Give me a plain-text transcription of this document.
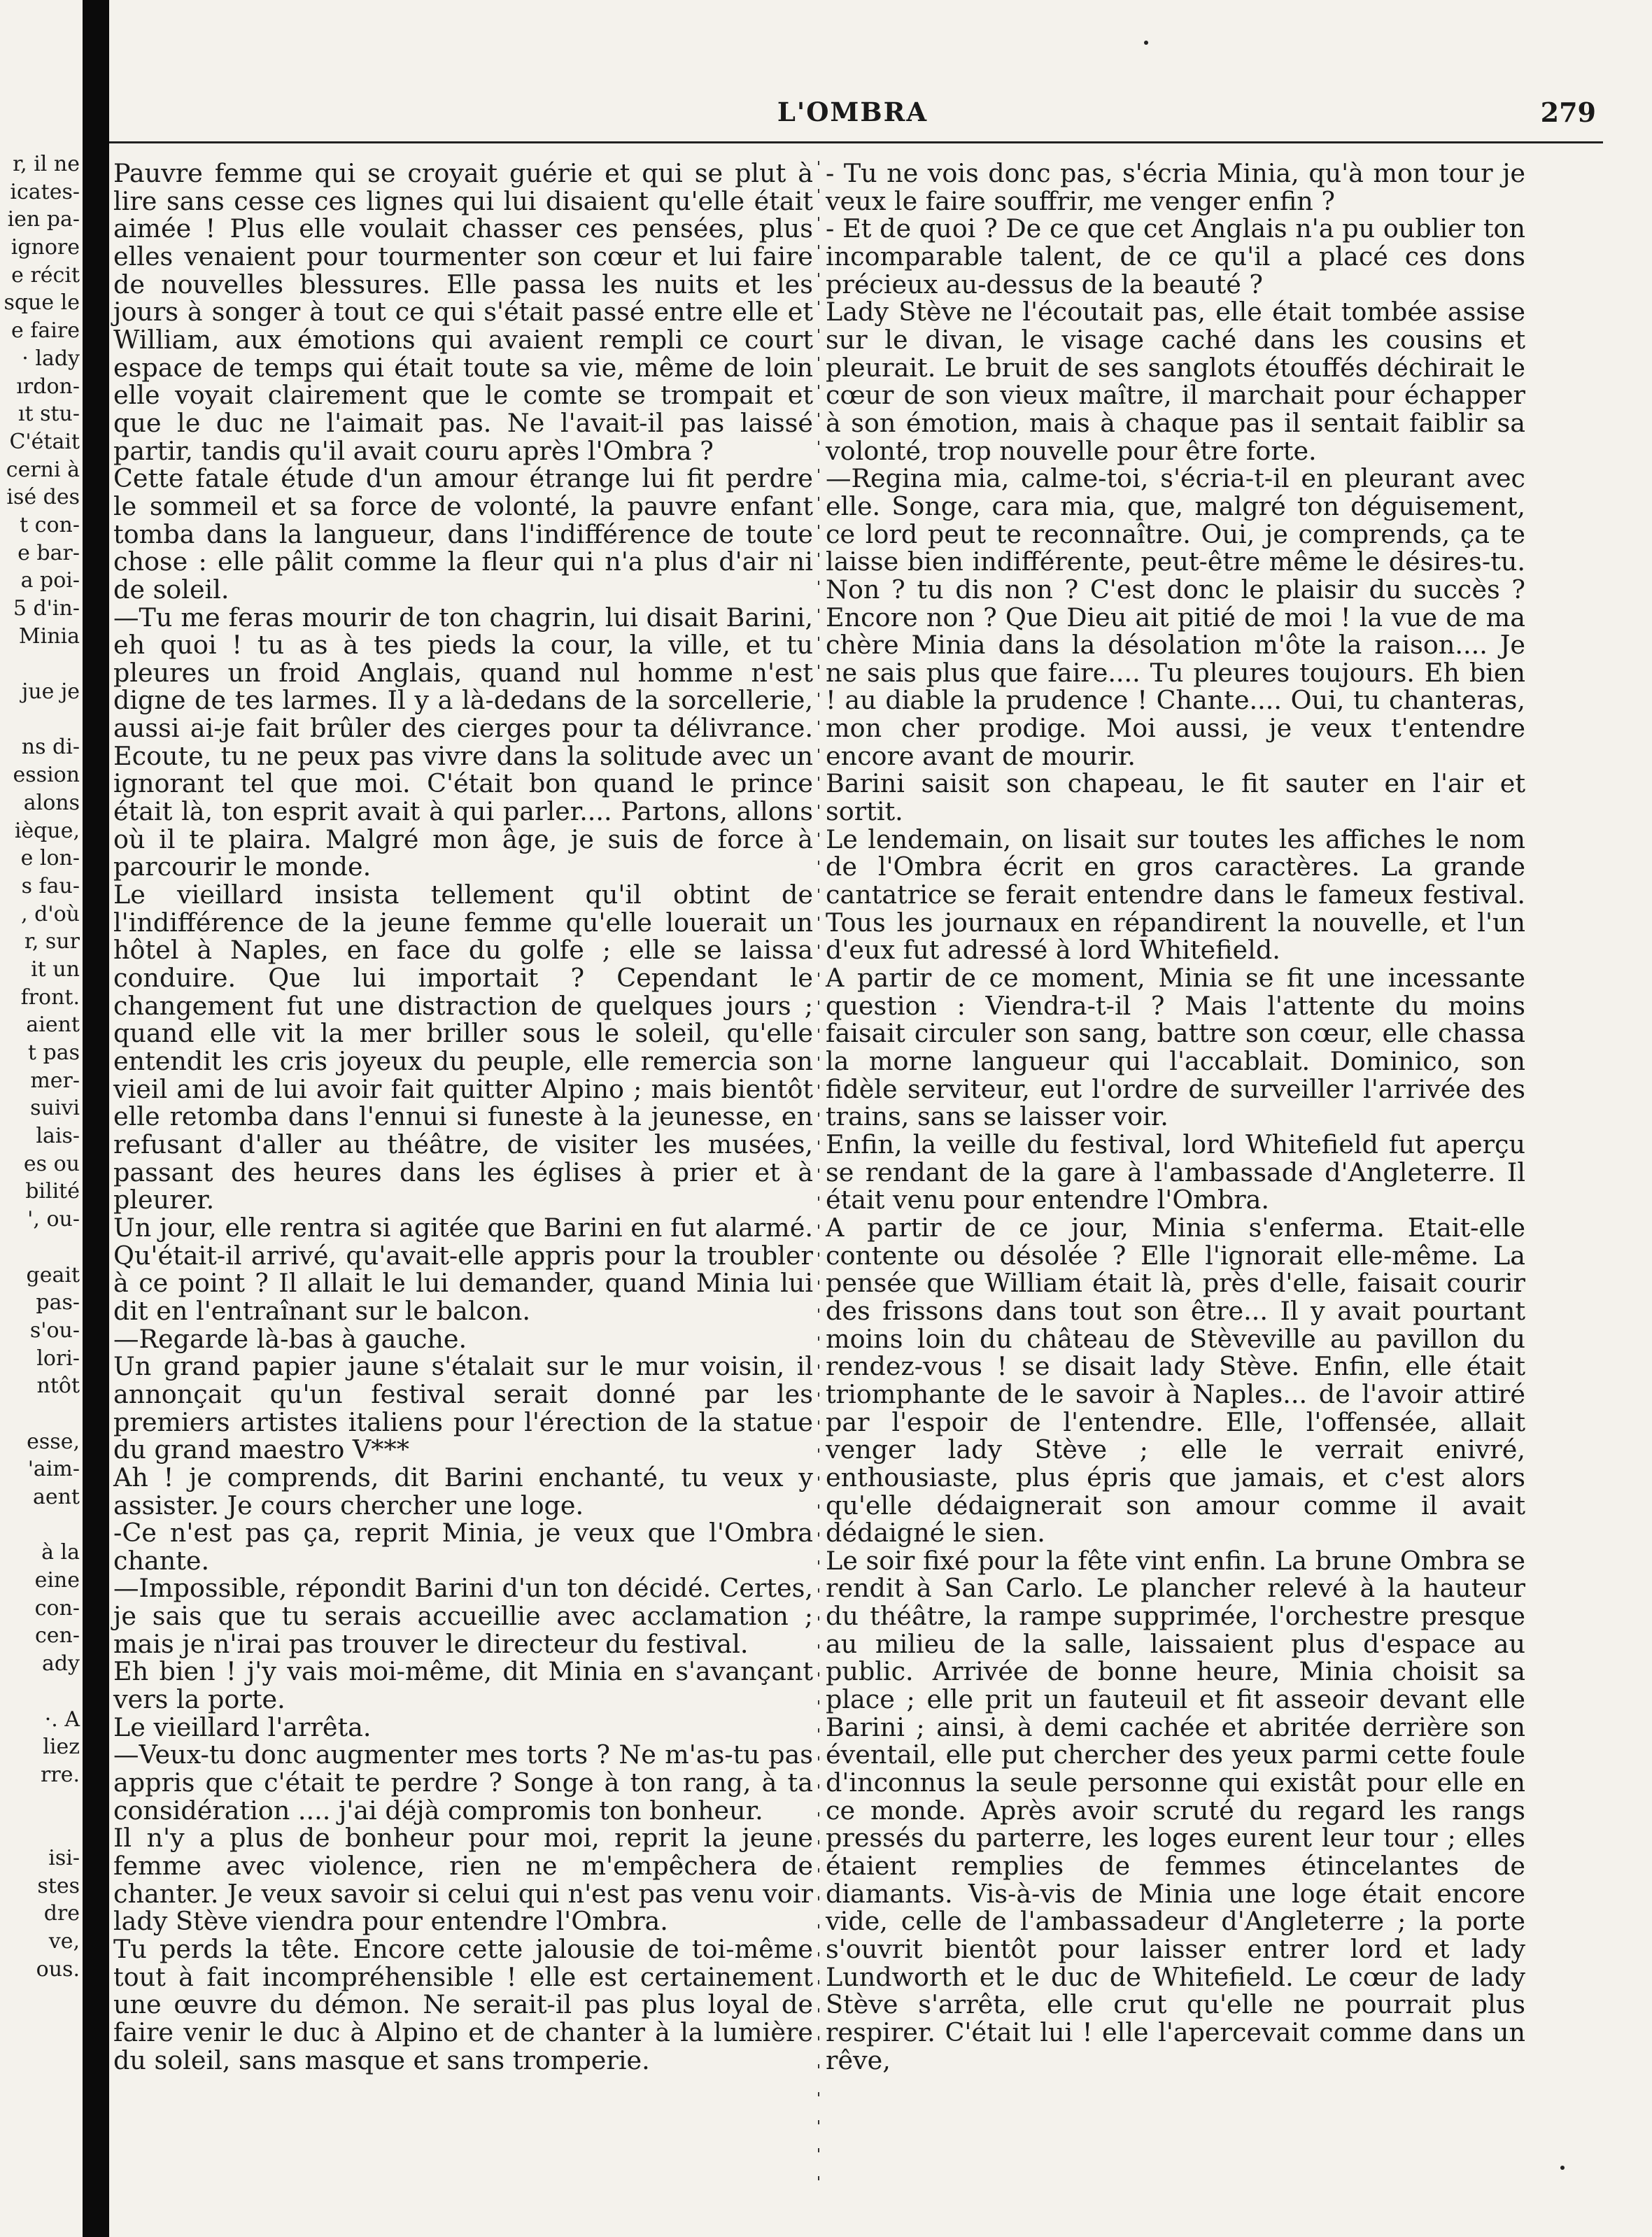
r, il ne
icates-
ien pa-
ignore
e récit
sque le
e faire
· lady
ırdon-
ıt stu-
C'était
cerni à
isé des
t con-
e bar-
a poi-
5 d'in-
Minia
jue je
ns di-
ession
alons
ièque,
e lon-
s fau-
, d'où
r, sur
it un
front.
aient
t pas
mer-
suivi
lais-
es ou
bilité
', ou-
geait
pas-
s'ou-
lori-
ntôt
esse,
'aim-
aent
à la
eine
con-
cen-
ady
·. A
liez
rre.
isi-
stes
dre
ve,
ous.
L'OMBRA	279

Pauvre femme qui se croyait guérie et qui se plut à lire sans cesse ces lignes qui lui disaient qu'elle était aimée ! Plus elle voulait chasser ces pensées, plus elles venaient pour tourmenter son cœur et lui faire de nouvelles blessures. Elle passa les nuits et les jours à songer à tout ce qui s'était passé entre elle et William, aux émotions qui avaient rempli ce court espace de temps qui était toute sa vie, même de loin elle voyait clairement que le comte se trompait et que le duc ne l'aimait pas. Ne l'avait-il pas laissé partir, tandis qu'il avait couru après l'Ombra ?

Cette fatale étude d'un amour étrange lui fit perdre le sommeil et sa force de volonté, la pauvre enfant tomba dans la langueur, dans l'indifférence de toute chose : elle pâlit comme la fleur qui n'a plus d'air ni de soleil.

—Tu me feras mourir de ton chagrin, lui disait Barini, eh quoi ! tu as à tes pieds la cour, la ville, et tu pleures un froid Anglais, quand nul homme n'est digne de tes larmes. Il y a là-dedans de la sorcellerie, aussi ai-je fait brûler des cierges pour ta délivrance. Ecoute, tu ne peux pas vivre dans la solitude avec un ignorant tel que moi. C'était bon quand le prince était là, ton esprit avait à qui parler.... Partons, allons où il te plaira. Malgré mon âge, je suis de force à parcourir le monde.

Le vieillard insista tellement qu'il obtint de l'indifférence de la jeune femme qu'elle louerait un hôtel à Naples, en face du golfe ; elle se laissa conduire. Que lui importait ? Cependant le changement fut une distraction de quelques jours ; quand elle vit la mer briller sous le soleil, qu'elle entendit les cris joyeux du peuple, elle remercia son vieil ami de lui avoir fait quitter Alpino ; mais bientôt elle retomba dans l'ennui si funeste à la jeunesse, en refusant d'aller au théâtre, de visiter les musées, passant des heures dans les églises à prier et à pleurer.

Un jour, elle rentra si agitée que Barini en fut alarmé. Qu'était-il arrivé, qu'avait-elle appris pour la troubler à ce point ? Il allait le lui demander, quand Minia lui dit en l'entraînant sur le balcon.

—Regarde là-bas à gauche.

Un grand papier jaune s'étalait sur le mur voisin, il annonçait qu'un festival serait donné par les premiers artistes italiens pour l'érection de la statue du grand maestro V***

Ah ! je comprends, dit Barini enchanté, tu veux y assister. Je cours chercher une loge.

-Ce n'est pas ça, reprit Minia, je veux que l'Ombra chante.

—Impossible, répondit Barini d'un ton décidé. Certes, je sais que tu serais accueillie avec acclamation ; mais je n'irai pas trouver le directeur du festival.

Eh bien ! j'y vais moi-même, dit Minia en s'avançant vers la porte.

Le vieillard l'arrêta.

—Veux-tu donc augmenter mes torts ? Ne m'as-tu pas appris que c'était te perdre ? Songe à ton rang, à ta considération .... j'ai déjà compromis ton bonheur.

Il n'y a plus de bonheur pour moi, reprit la jeune femme avec violence, rien ne m'empêchera de chanter. Je veux savoir si celui qui n'est pas venu voir lady Stève viendra pour entendre l'Ombra.

Tu perds la tête. Encore cette jalousie de toi-même tout à fait incompréhensible ! elle est certainement une œuvre du démon. Ne serait-il pas plus loyal de faire venir le duc à Alpino et de chanter à la lumière du soleil, sans masque et sans tromperie.

- Tu ne vois donc pas, s'écria Minia, qu'à mon tour je veux le faire souffrir, me venger enfin ?

- Et de quoi ? De ce que cet Anglais n'a pu oublier ton incomparable talent, de ce qu'il a placé ces dons précieux au-dessus de la beauté ?

Lady Stève ne l'écoutait pas, elle était tombée assise sur le divan, le visage caché dans les cousins et pleurait. Le bruit de ses sanglots étouffés déchirait le cœur de son vieux maître, il marchait pour échapper à son émotion, mais à chaque pas il sentait faiblir sa volonté, trop nouvelle pour être forte.

—Regina mia, calme-toi, s'écria-t-il en pleurant avec elle. Songe, cara mia, que, malgré ton déguisement, ce lord peut te reconnaître. Oui, je comprends, ça te laisse bien indifférente, peut-être même le désires-tu. Non ? tu dis non ? C'est donc le plaisir du succès ? Encore non ? Que Dieu ait pitié de moi ! la vue de ma chère Minia dans la désolation m'ôte la raison.... Je ne sais plus que faire.... Tu pleures toujours. Eh bien ! au diable la prudence ! Chante.... Oui, tu chanteras, mon cher prodige. Moi aussi, je veux t'entendre encore avant de mourir.

Barini saisit son chapeau, le fit sauter en l'air et sortit.

Le lendemain, on lisait sur toutes les affiches le nom de l'Ombra écrit en gros caractères. La grande cantatrice se ferait entendre dans le fameux festival. Tous les journaux en répandirent la nouvelle, et l'un d'eux fut adressé à lord Whitefield.

A partir de ce moment, Minia se fit une incessante question : Viendra-t-il ? Mais l'attente du moins faisait circuler son sang, battre son cœur, elle chassa la morne langueur qui l'accablait. Dominico, son fidèle serviteur, eut l'ordre de surveiller l'arrivée des trains, sans se laisser voir.

Enfin, la veille du festival, lord Whitefield fut aperçu se rendant de la gare à l'ambassade d'Angleterre. Il était venu pour entendre l'Ombra.

A partir de ce jour, Minia s'enferma. Etait-elle contente ou désolée ? Elle l'ignorait elle-même. La pensée que William était là, près d'elle, faisait courir des frissons dans tout son être... Il y avait pourtant moins loin du château de Stèveville au pavillon du rendez-vous ! se disait lady Stève. Enfin, elle était triomphante de le savoir à Naples... de l'avoir attiré par l'espoir de l'entendre. Elle, l'offensée, allait venger lady Stève ; elle le verrait enivré, enthousiaste, plus épris que jamais, et c'est alors qu'elle dédaignerait son amour comme il avait dédaigné le sien.

Le soir fixé pour la fête vint enfin. La brune Ombra se rendit à San Carlo. Le plancher relevé à la hauteur du théâtre, la rampe supprimée, l'orchestre presque au milieu de la salle, laissaient plus d'espace au public. Arrivée de bonne heure, Minia choisit sa place ; elle prit un fauteuil et fit asseoir devant elle Barini ; ainsi, à demi cachée et abritée derrière son éventail, elle put chercher des yeux parmi cette foule d'inconnus la seule personne qui existât pour elle en ce monde. Après avoir scruté du regard les rangs pressés du parterre, les loges eurent leur tour ; elles étaient remplies de femmes étincelantes de diamants. Vis-à-vis de Minia une loge était encore vide, celle de l'ambassadeur d'Angleterre ; la porte s'ouvrit bientôt pour laisser entrer lord et lady Lundworth et le duc de Whitefield. Le cœur de lady Stève s'arrêta, elle crut qu'elle ne pourrait plus respirer. C'était lui ! elle l'apercevait comme dans un rêve,
